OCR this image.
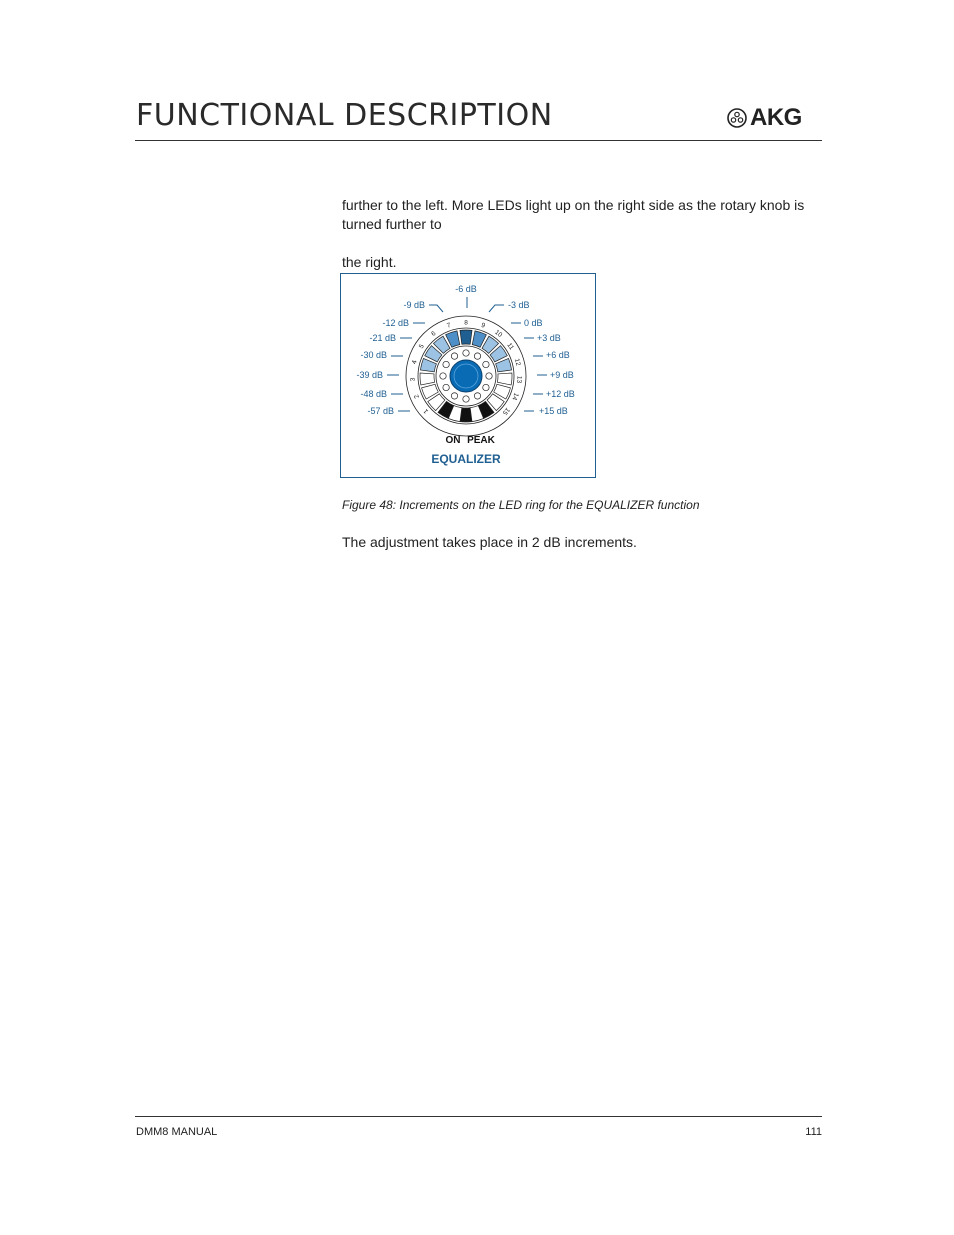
FUNCTIONAL DESCRIPTION	AKG
further to the left. More LEDs light up on the right side as the rotary knob is turned further to
the right.
1
2
3
4
5
6
7 8 9
10
11
12
13
14
15
-6 dB
-9 dB
-12 dB
-21 dB
-30 dB
-39 dB
-48 dB
-57 dB
-3 dB
0 dB
+3 dB
+6 dB
+9 dB
+12 dB
+15 dB
ON PEAK
EQUALIZER
Figure 48: Increments on the LED ring for the EQUALIZER function
The adjustment takes place in 2 dB increments.
DMM8 MANUAL	111
